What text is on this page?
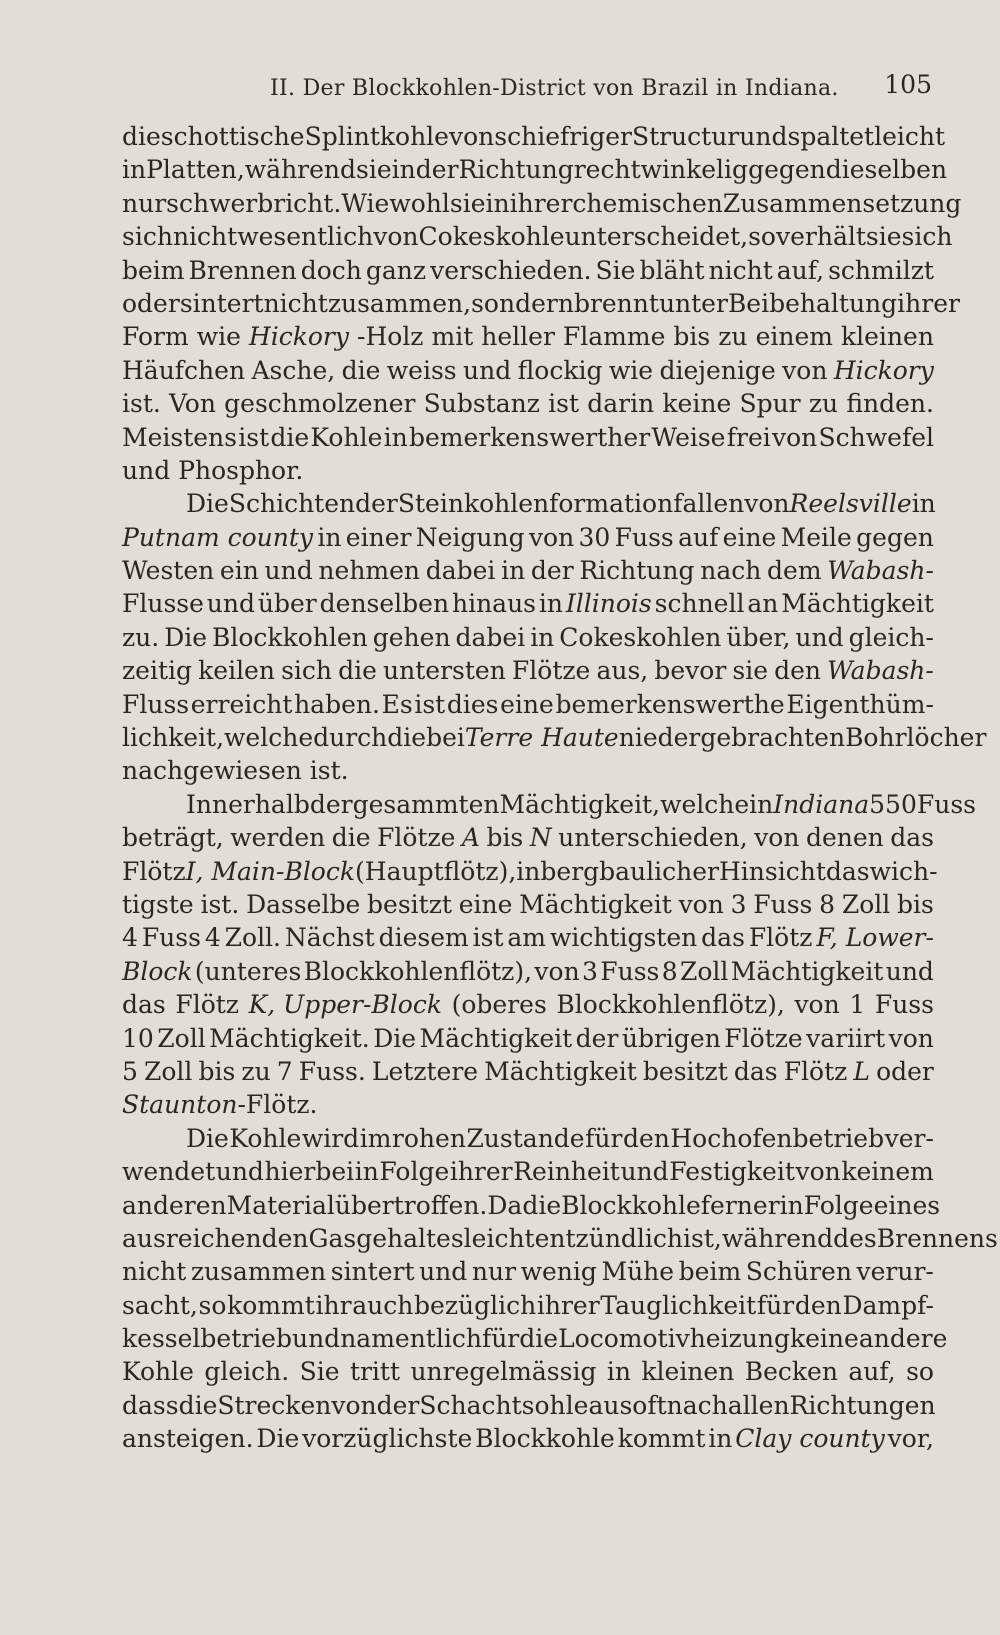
II. Der Blockkohlen-District von Brazil in Indiana. 105
die schottische Splintkohle von schiefriger Structur und spaltet leicht
in Platten, während sie in der Richtung rechtwinkelig gegen dieselben
nur schwer bricht. Wiewohl sie in ihrer chemischen Zusammensetzung
sich nicht wesentlich von Cokeskohle unterscheidet, so verhält sie sich
beim Brennen doch ganz verschieden. Sie bläht nicht auf, schmilzt
oder sintert nicht zusammen, sondern brennt unter Beibehaltung ihrer
Form wie Hickory -Holz mit heller Flamme bis zu einem kleinen
Häufchen Asche, die weiss und flockig wie diejenige von Hickory
ist. Von geschmolzener Substanz ist darin keine Spur zu finden.
Meistens ist die Kohle in bemerkenswerther Weise frei von Schwefel
und Phosphor.
Die Schichten der Steinkohlenformation fallen von Reelsville in
Putnam county in einer Neigung von 30 Fuss auf eine Meile gegen
Westen ein und nehmen dabei in der Richtung nach dem Wabash-
Flusse und über denselben hinaus in Illinois schnell an Mächtigkeit
zu. Die Blockkohlen gehen dabei in Cokeskohlen über, und gleich-
zeitig keilen sich die untersten Flötze aus, bevor sie den Wabash-
Fluss erreicht haben. Es ist dies eine bemerkenswerthe Eigenthüm-
lichkeit, welche durch die bei Terre Haute niedergebrachten Bohrlöcher
nachgewiesen ist.
Innerhalb der gesammten Mächtigkeit, welche in Indiana 550 Fuss
beträgt, werden die Flötze A bis N unterschieden, von denen das
Flötz I, Main-Block (Hauptflötz), in bergbaulicher Hinsicht das wich-
tigste ist. Dasselbe besitzt eine Mächtigkeit von 3 Fuss 8 Zoll bis
4 Fuss 4 Zoll. Nächst diesem ist am wichtigsten das Flötz F, Lower-
Block (unteres Blockkohlenflötz), von 3 Fuss 8 Zoll Mächtigkeit und
das Flötz K, Upper-Block (oberes Blockkohlenflötz), von 1 Fuss
10 Zoll Mächtigkeit. Die Mächtigkeit der übrigen Flötze variirt von
5 Zoll bis zu 7 Fuss. Letztere Mächtigkeit besitzt das Flötz L oder
Staunton -Flötz.
Die Kohle wird im rohen Zustande für den Hochofenbetrieb ver-
wendet und hierbei in Folge ihrer Reinheit und Festigkeit von keinem
anderen Material übertroffen. Da die Blockkohle ferner in Folge eines
ausreichenden Gasgehaltes leicht entzündlich ist, während des Brennens
nicht zusammen sintert und nur wenig Mühe beim Schüren verur-
sacht, so kommt ihr auch bezüglich ihrer Tauglichkeit für den Dampf-
kesselbetrieb und namentlich für die Locomotivheizung keine andere
Kohle gleich. Sie tritt unregelmässig in kleinen Becken auf, so
dass die Strecken von der Schachtsohle aus oft nach allen Richtungen
ansteigen. Die vorzüglichste Blockkohle kommt in Clay county vor,
